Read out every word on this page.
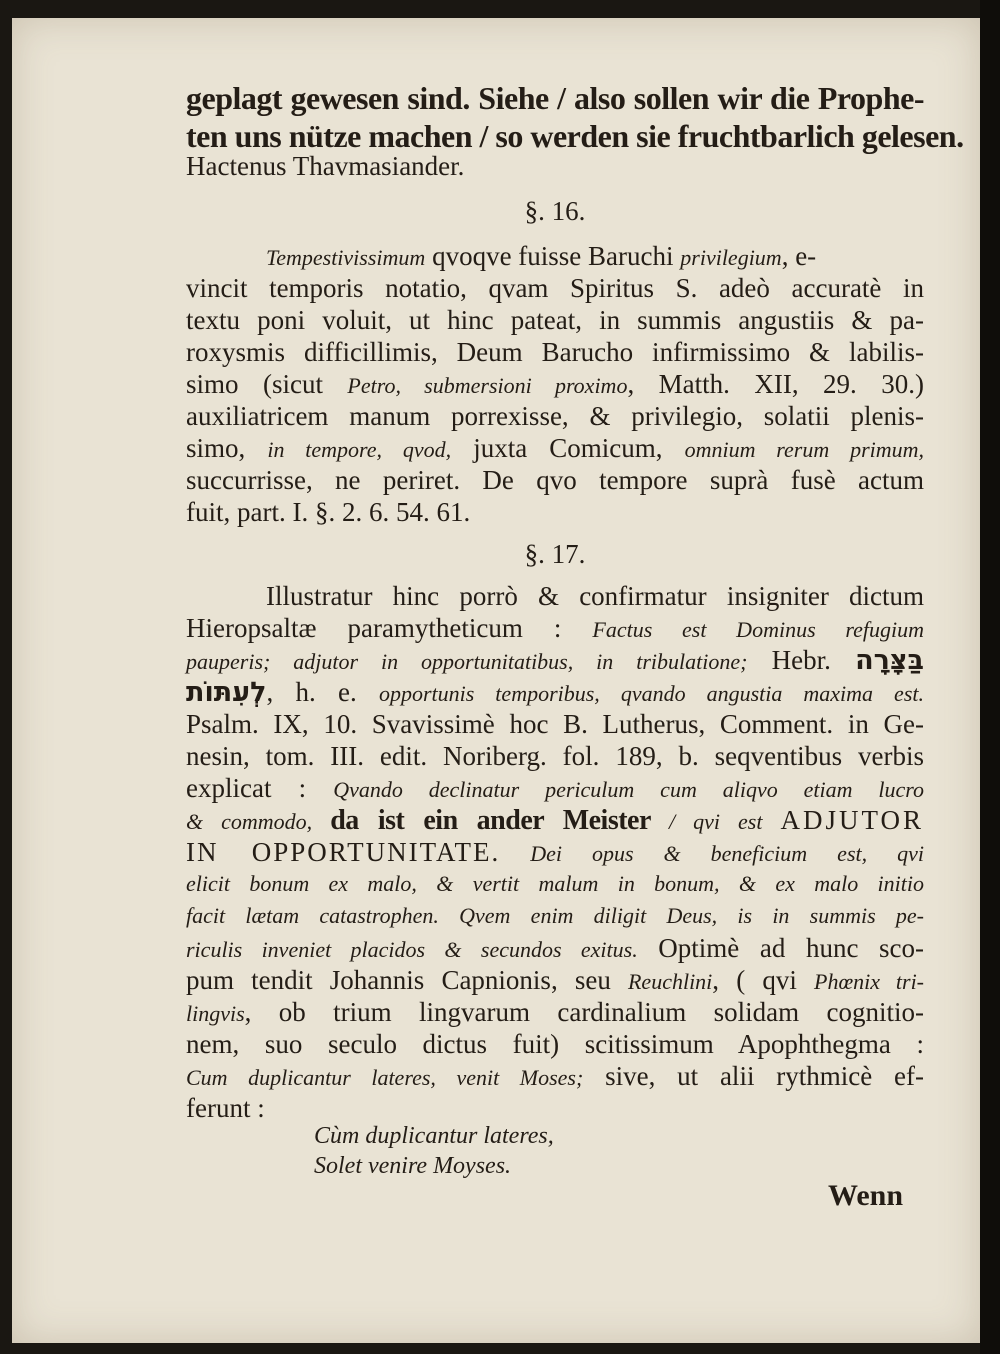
geplagt gewesen sind. Siehe / also sollen wir die Prophe-
ten uns nütze machen / so werden sie fruchtbarlich gelesen.
Hactenus Thavmasiander.
§. 16.
Tempestivissimum qvoqve fuisse Baruchi privilegium, e-
vincit temporis notatio, qvam Spiritus S. adeò accuratè in
textu poni voluit, ut hinc pateat, in summis angustiis & pa-
roxysmis difficillimis, Deum Barucho infirmissimo & labilis-
simo (sicut Petro, submersioni proximo, Matth. XII, 29. 30.)
auxiliatricem manum porrexisse, & privilegio, solatii plenis-
simo, in tempore, qvod, juxta Comicum, omnium rerum primum,
succurrisse, ne periret. De qvo tempore suprà fusè actum
fuit, part. I. §. 2. 6. 54. 61.
§. 17.
Illustratur hinc porrò & confirmatur insigniter dictum
Hieropsaltæ paramytheticum : Factus est Dominus refugium
pauperis; adjutor in opportunitatibus, in tribulatione; Hebr. בַּצָּרָה
לְעִתּוֹת, h. e. opportunis temporibus, qvando angustia maxima est.
Psalm. IX, 10. Svavissimè hoc B. Lutherus, Comment. in Ge-
nesin, tom. III. edit. Noriberg. fol. 189, b. seqventibus verbis
explicat : Qvando declinatur periculum cum aliqvo etiam lucro
& commodo, da ist ein ander Meister / qvi est ADJUTOR
IN OPPORTUNITATE. Dei opus & beneficium est, qvi
elicit bonum ex malo, & vertit malum in bonum, & ex malo initio
facit lætam catastrophen. Qvem enim diligit Deus, is in summis pe-
riculis inveniet placidos & secundos exitus. Optimè ad hunc sco-
pum tendit Johannis Capnionis, seu Reuchlini, ( qvi Phœnix tri-
lingvis, ob trium lingvarum cardinalium solidam cognitio-
nem, suo seculo dictus fuit) scitissimum Apophthegma :
Cum duplicantur lateres, venit Moses; sive, ut alii rythmicè ef-
ferunt :
Cùm duplicantur lateres,
Solet venire Moyses.
Wenn
